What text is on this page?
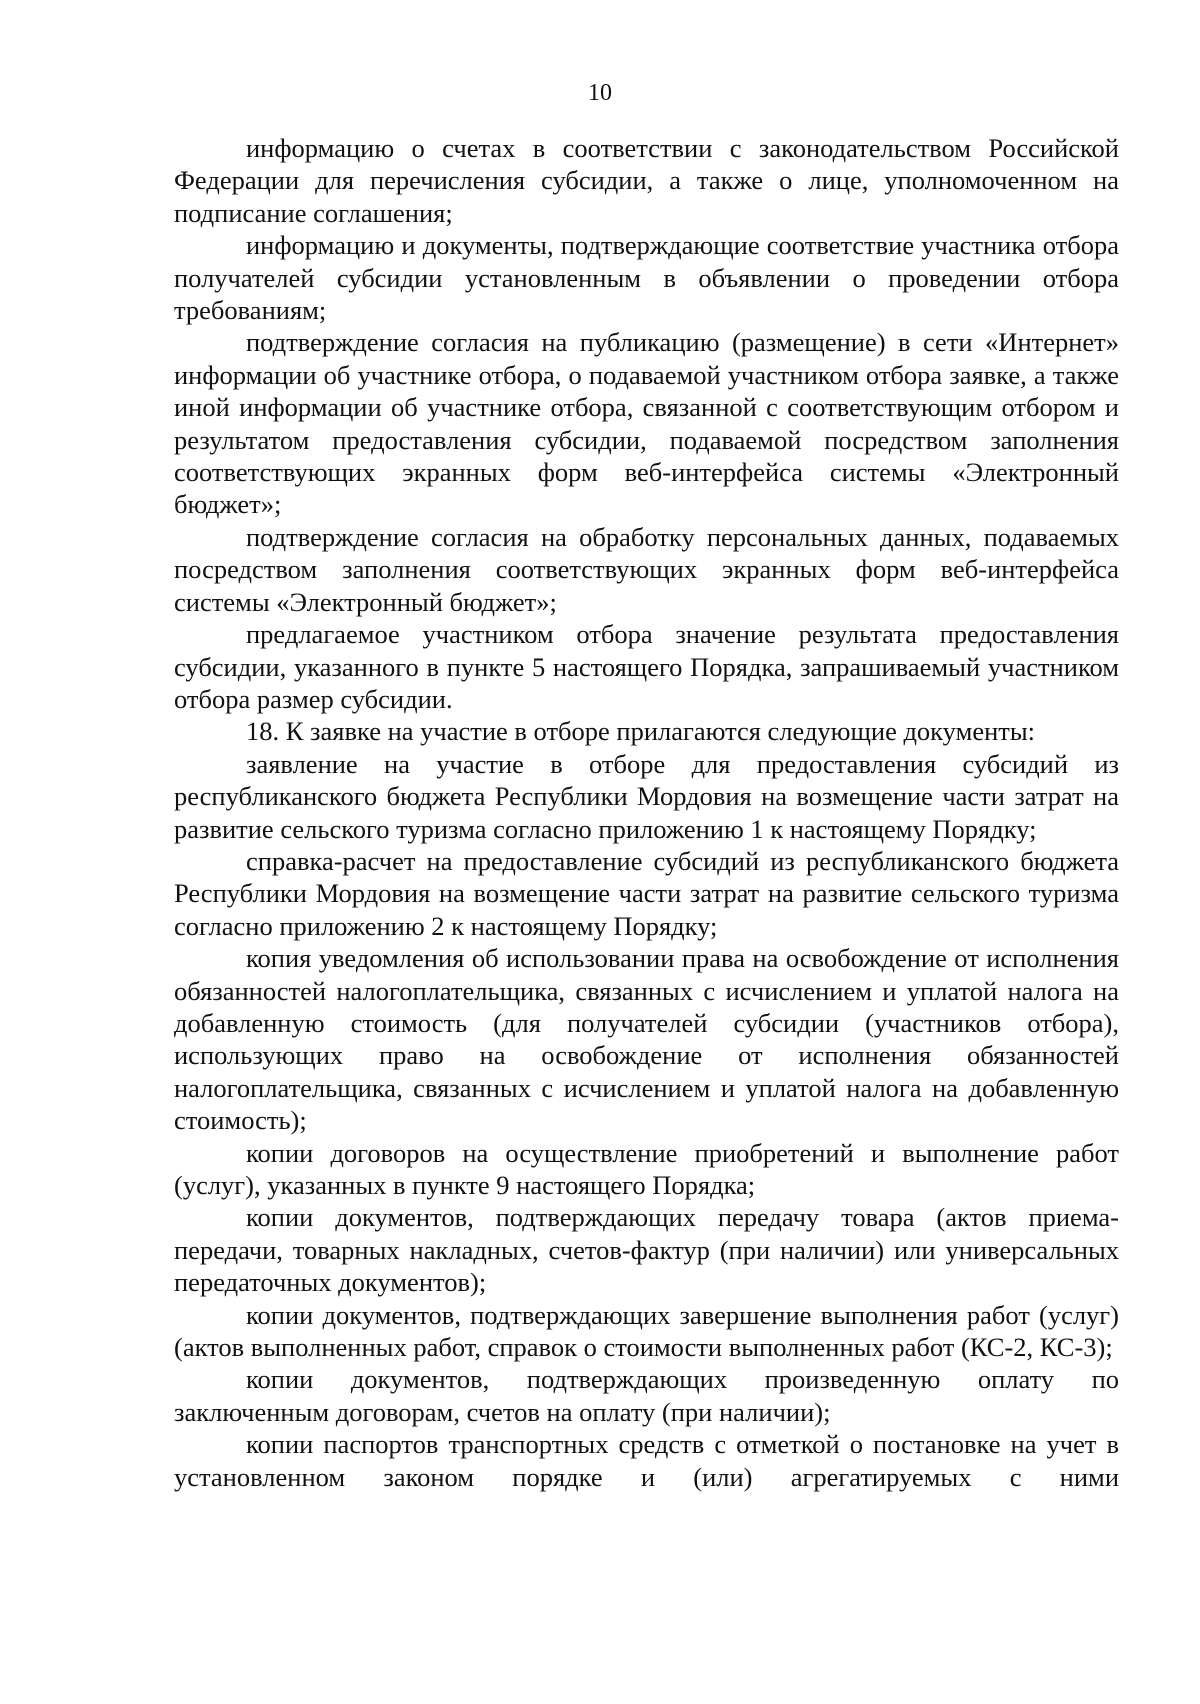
10

информацию о счетах в соответствии с законодательством Российской Федерации для перечисления субсидии, а также о лице, уполномоченном на подписание соглашения;

информацию и документы, подтверждающие соответствие участника отбора получателей субсидии установленным в объявлении о проведении отбора требованиям;

подтверждение согласия на публикацию (размещение) в сети «Интернет» информации об участнике отбора, о подаваемой участником отбора заявке, а также иной информации об участнике отбора, связанной с соответствующим отбором и результатом предоставления субсидии, подаваемой посредством заполнения соответствующих экранных форм веб-интерфейса системы «Электронный бюджет»;

подтверждение согласия на обработку персональных данных, подаваемых посредством заполнения соответствующих экранных форм веб-интерфейса системы «Электронный бюджет»;

предлагаемое участником отбора значение результата предоставления субсидии, указанного в пункте 5 настоящего Порядка, запрашиваемый участником отбора размер субсидии.

18. К заявке на участие в отборе прилагаются следующие документы:

заявление на участие в отборе для предоставления субсидий из республиканского бюджета Республики Мордовия на возмещение части затрат на развитие сельского туризма согласно приложению 1 к настоящему Порядку;

справка-расчет на предоставление субсидий из республиканского бюджета Республики Мордовия на возмещение части затрат на развитие сельского туризма согласно приложению 2 к настоящему Порядку;

копия уведомления об использовании права на освобождение от исполнения обязанностей налогоплательщика, связанных с исчислением и уплатой налога на добавленную стоимость (для получателей субсидии (участников отбора), использующих право на освобождение от исполнения обязанностей налогоплательщика, связанных с исчислением и уплатой налога на добавленную стоимость);

копии договоров на осуществление приобретений и выполнение работ (услуг), указанных в пункте 9 настоящего Порядка;

копии документов, подтверждающих передачу товара (актов приема-передачи, товарных накладных, счетов-фактур (при наличии) или универсальных передаточных документов);

копии документов, подтверждающих завершение выполнения работ (услуг) (актов выполненных работ, справок о стоимости выполненных работ (КС-2, КС-3);

копии документов, подтверждающих произведенную оплату по заключенным договорам, счетов на оплату (при наличии);

копии паспортов транспортных средств с отметкой о постановке на учет в установленном законом порядке и (или) агрегатируемых с ними
